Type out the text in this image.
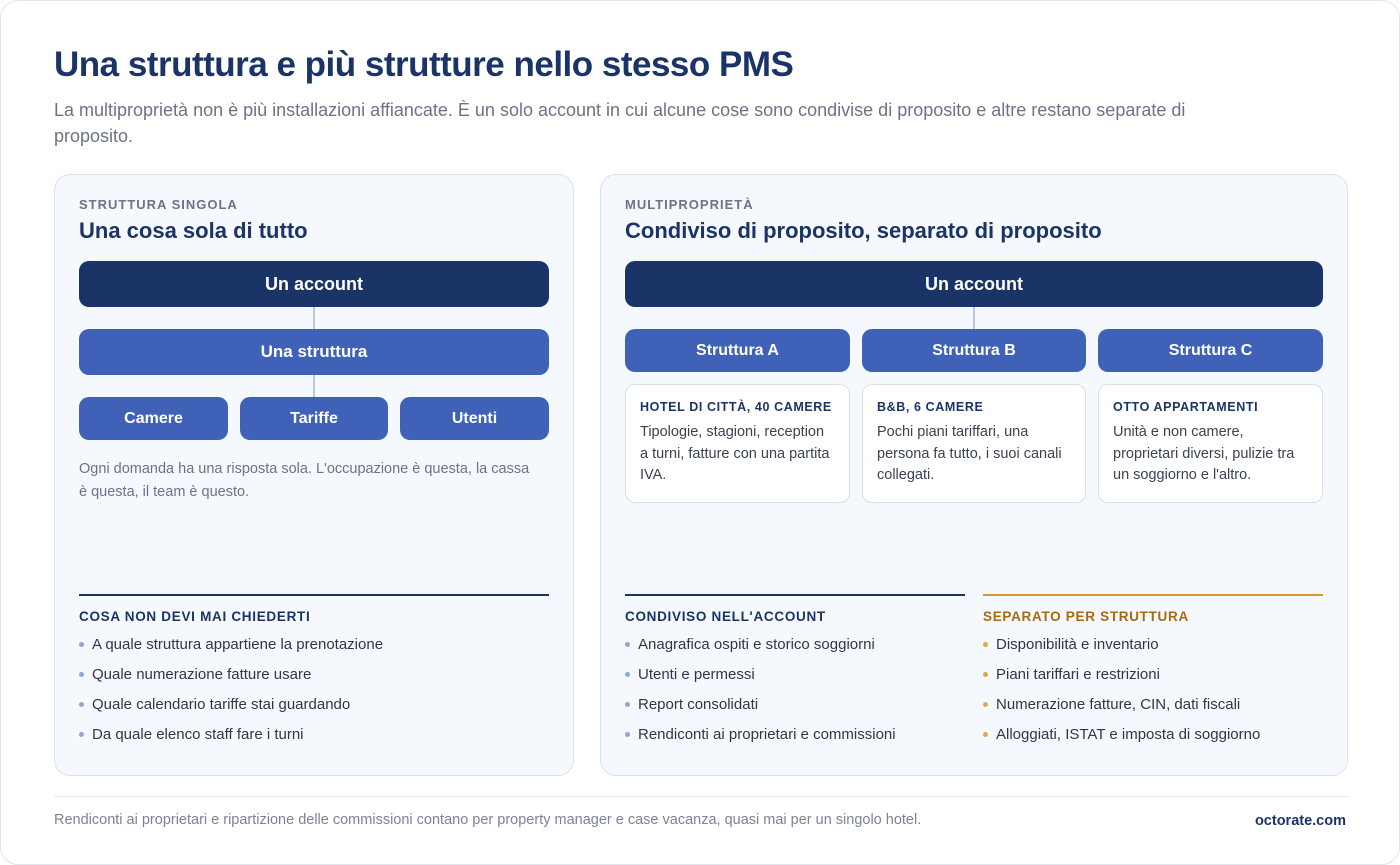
Una struttura e più strutture nello stesso PMS

La multiproprietà non è più installazioni affiancate. È un solo account in cui alcune cose sono condivise di proposito e altre restano separate di proposito.

STRUTTURA SINGOLA
Una cosa sola di tutto
Un account
Una struttura
Camere	Tariffe	Utenti

Ogni domanda ha una risposta sola. L'occupazione è questa, la cassa è questa, il team è questo.

COSA NON DEVI MAI CHIEDERTI
A quale struttura appartiene la prenotazione
Quale numerazione fatture usare
Quale calendario tariffe stai guardando
Da quale elenco staff fare i turni
MULTIPROPRIETÀ
Condiviso di proposito, separato di proposito
Un account
Struttura A	Struttura B	Struttura C
HOTEL DI CITTÀ, 40 CAMERE
Tipologie, stagioni, reception a turni, fatture con una partita IVA.
B&B, 6 CAMERE
Pochi piani tariffari, una persona fa tutto, i suoi canali collegati.
OTTO APPARTAMENTI
Unità e non camere, proprietari diversi, pulizie tra un soggiorno e l'altro.
CONDIVISO NELL'ACCOUNT
Anagrafica ospiti e storico soggiorni
Utenti e permessi
Report consolidati
Rendiconti ai proprietari e commissioni
SEPARATO PER STRUTTURA
Disponibilità e inventario
Piani tariffari e restrizioni
Numerazione fatture, CIN, dati fiscali
Alloggiati, ISTAT e imposta di soggiorno

Rendiconti ai proprietari e ripartizione delle commissioni contano per property manager e case vacanza, quasi mai per un singolo hotel.	octorate.com
